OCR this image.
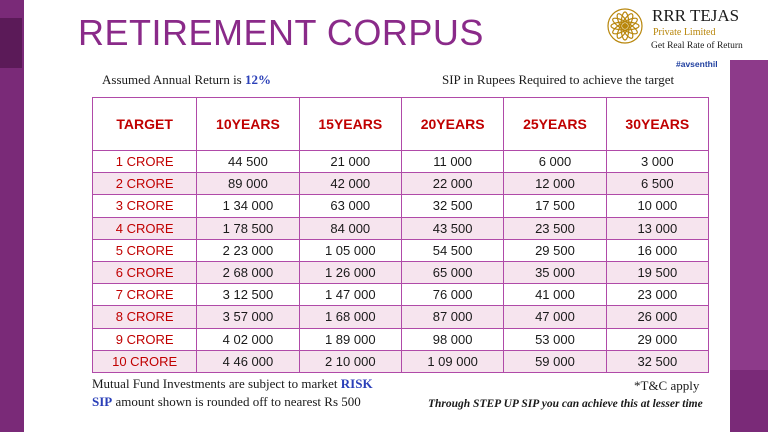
RETIREMENT CORPUS	RRR TEJAS
Private Limited
Get Real Rate of Return
#avsenthil
Assumed Annual Return is 12%	SIP in Rupees Required to achieve the target
TARGET	10YEARS	15YEARS	20YEARS	25YEARS	30YEARS
1 CRORE	44 500	21 000	11 000	6 000	3 000
2 CRORE	89 000	42 000	22 000	12 000	6 500
3 CRORE	1 34 000	63 000	32 500	17 500	10 000
4 CRORE	1 78 500	84 000	43 500	23 500	13 000
5 CRORE	2 23 000	1 05 000	54 500	29 500	16 000
6 CRORE	2 68 000	1 26 000	65 000	35 000	19 500
7 CRORE	3 12 500	1 47 000	76 000	41 000	23 000
8 CRORE	3 57 000	1 68 000	87 000	47 000	26 000
9 CRORE	4 02 000	1 89 000	98 000	53 000	29 000
10 CRORE	4 46 000	2 10 000	1 09 000	59 000	32 500
Mutual Fund Investments are subject to market RISK
SIP amount shown is rounded off to nearest Rs 500
*T&C apply
Through STEP UP SIP you can achieve this at lesser time
